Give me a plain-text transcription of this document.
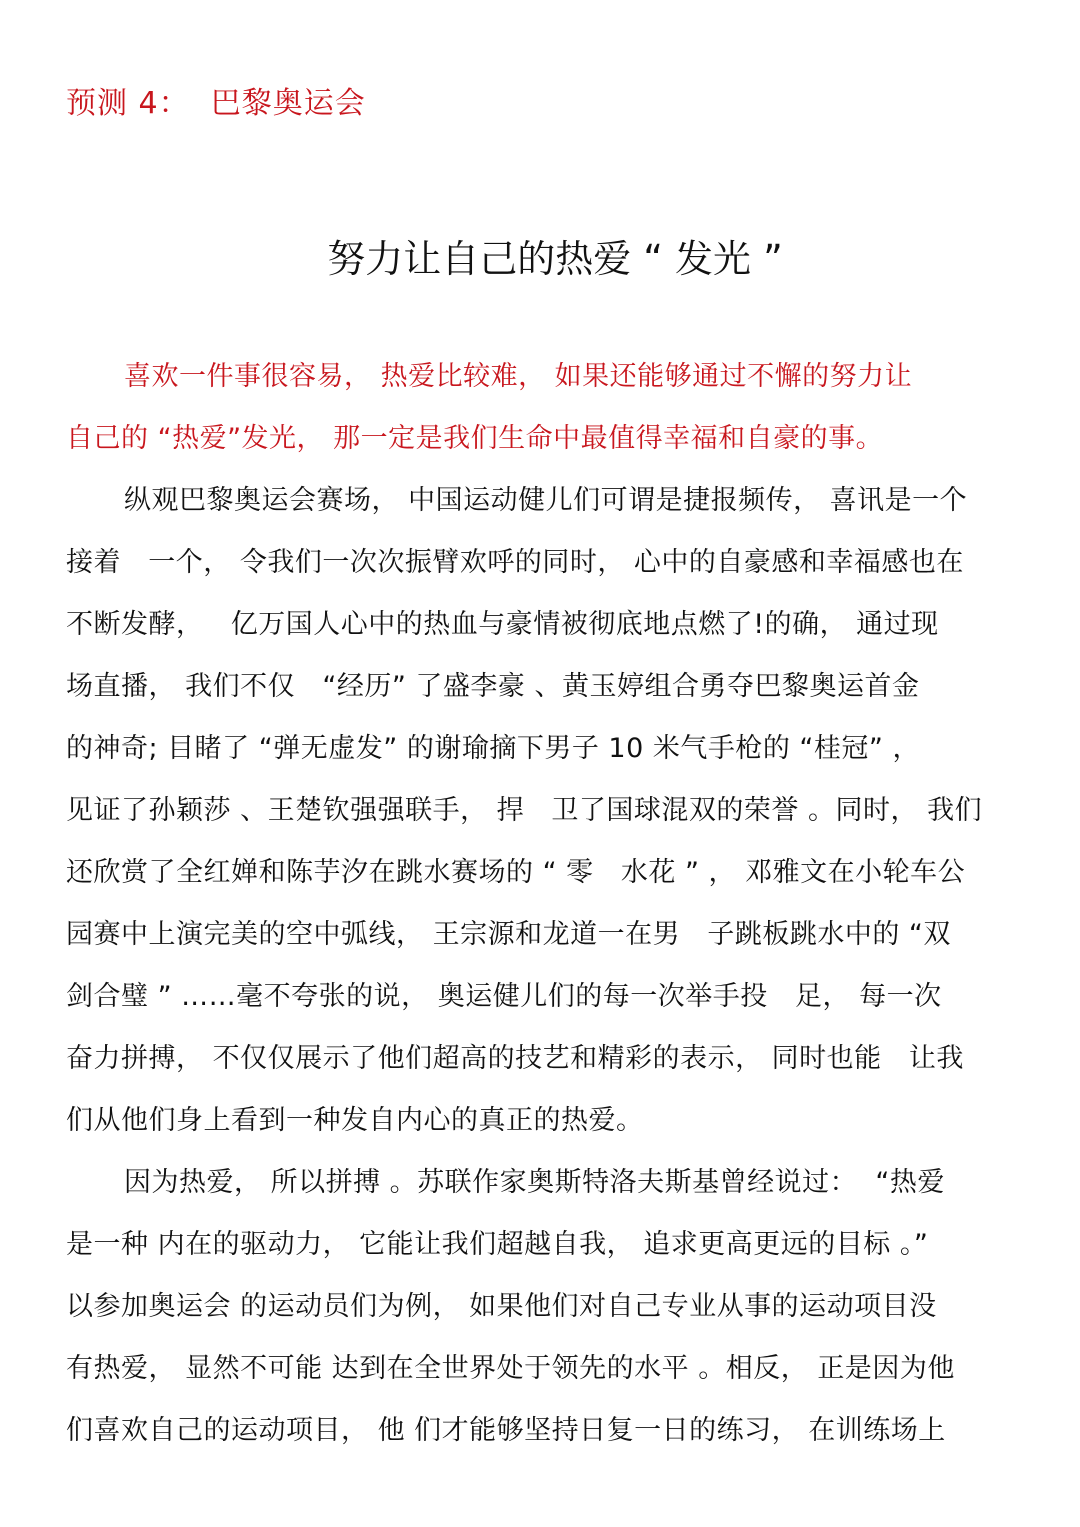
预测 4：  巴黎奥运会
努力让自己的热爱 “ 发光 ”
喜欢一件事很容易， 热爱比较难， 如果还能够通过不懈的努力让
自己的 “热爱”发光， 那一定是我们生命中最值得幸福和自豪的事。
纵观巴黎奥运会赛场， 中国运动健儿们可谓是捷报频传， 喜讯是一个
接着   一个， 令我们一次次振臂欢呼的同时， 心中的自豪感和幸福感也在
不断发酵，   亿万国人心中的热血与豪情被彻底地点燃了!的确， 通过现
场直播， 我们不仅   “经历” 了盛李豪 、黄玉婷组合勇夺巴黎奥运首金
的神奇; 目睹了 “弹无虚发” 的谢瑜摘下男子 10 米气手枪的 “桂冠” ，
见证了孙颖莎 、王楚钦强强联手， 捍   卫了国球混双的荣誉 。同时， 我们
还欣赏了全红婵和陈芋汐在跳水赛场的 “ 零   水花 ” ， 邓雅文在小轮车公
园赛中上演完美的空中弧线， 王宗源和龙道一在男   子跳板跳水中的 “双
剑合璧 ” ……毫不夸张的说， 奥运健儿们的每一次举手投   足， 每一次
奋力拼搏， 不仅仅展示了他们超高的技艺和精彩的表示， 同时也能   让我
们从他们身上看到一种发自内心的真正的热爱。
因为热爱， 所以拼搏 。苏联作家奥斯特洛夫斯基曾经说过：  “热爱
是一种 内在的驱动力， 它能让我们超越自我， 追求更高更远的目标 。”
以参加奥运会 的运动员们为例， 如果他们对自己专业从事的运动项目没
有热爱， 显然不可能 达到在全世界处于领先的水平 。相反， 正是因为他
们喜欢自己的运动项目， 他 们才能够坚持日复一日的练习， 在训练场上
